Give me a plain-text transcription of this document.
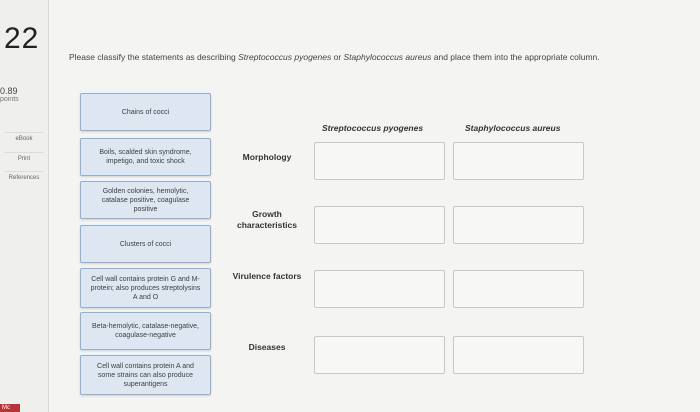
22
0.89
points
eBook
Print
References
Mc
Please classify the statements as describing Streptococcus pyogenes or Staphylococcus aureus and place them into the appropriate column.
Chains of cocci
Boils, scalded skin syndrome, impetigo, and toxic shock
Golden colonies, hemolytic, catalase positive, coagulase positive
Clusters of cocci
Cell wall contains protein G and M-protein; also produces streptolysins A and O
Beta-hemolytic, catalase-negative, coagulase-negative
Cell wall contains protein A and some strains can also produce superantigens
Streptococcus pyogenes	Staphylococcus aureus
Morphology
Growth characteristics
Virulence factors
Diseases
